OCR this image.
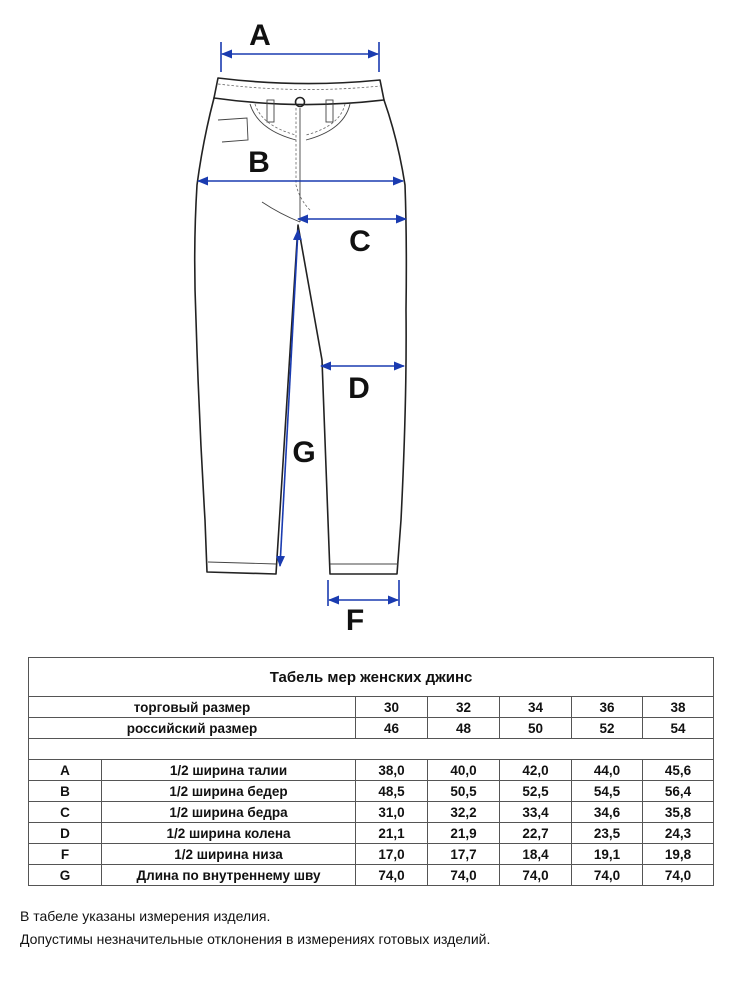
A
B
C
D
G
F
Табель мер женских джинс						
торговый размер		30	32	34	36	38
российский размер		46	48	50	52	54

A	1/2 ширина талии	38,0	40,0	42,0	44,0	45,6
B	1/2 ширина бедер	48,5	50,5	52,5	54,5	56,4
C	1/2 ширина бедра	31,0	32,2	33,4	34,6	35,8
D	1/2 ширина колена	21,1	21,9	22,7	23,5	24,3
F	1/2 ширина низа	17,0	17,7	18,4	19,1	19,8
G	Длина по внутреннему шву	74,0	74,0	74,0	74,0	74,0
В табеле указаны измерения изделия.
Допустимы незначительные отклонения в измерениях готовых изделий.
